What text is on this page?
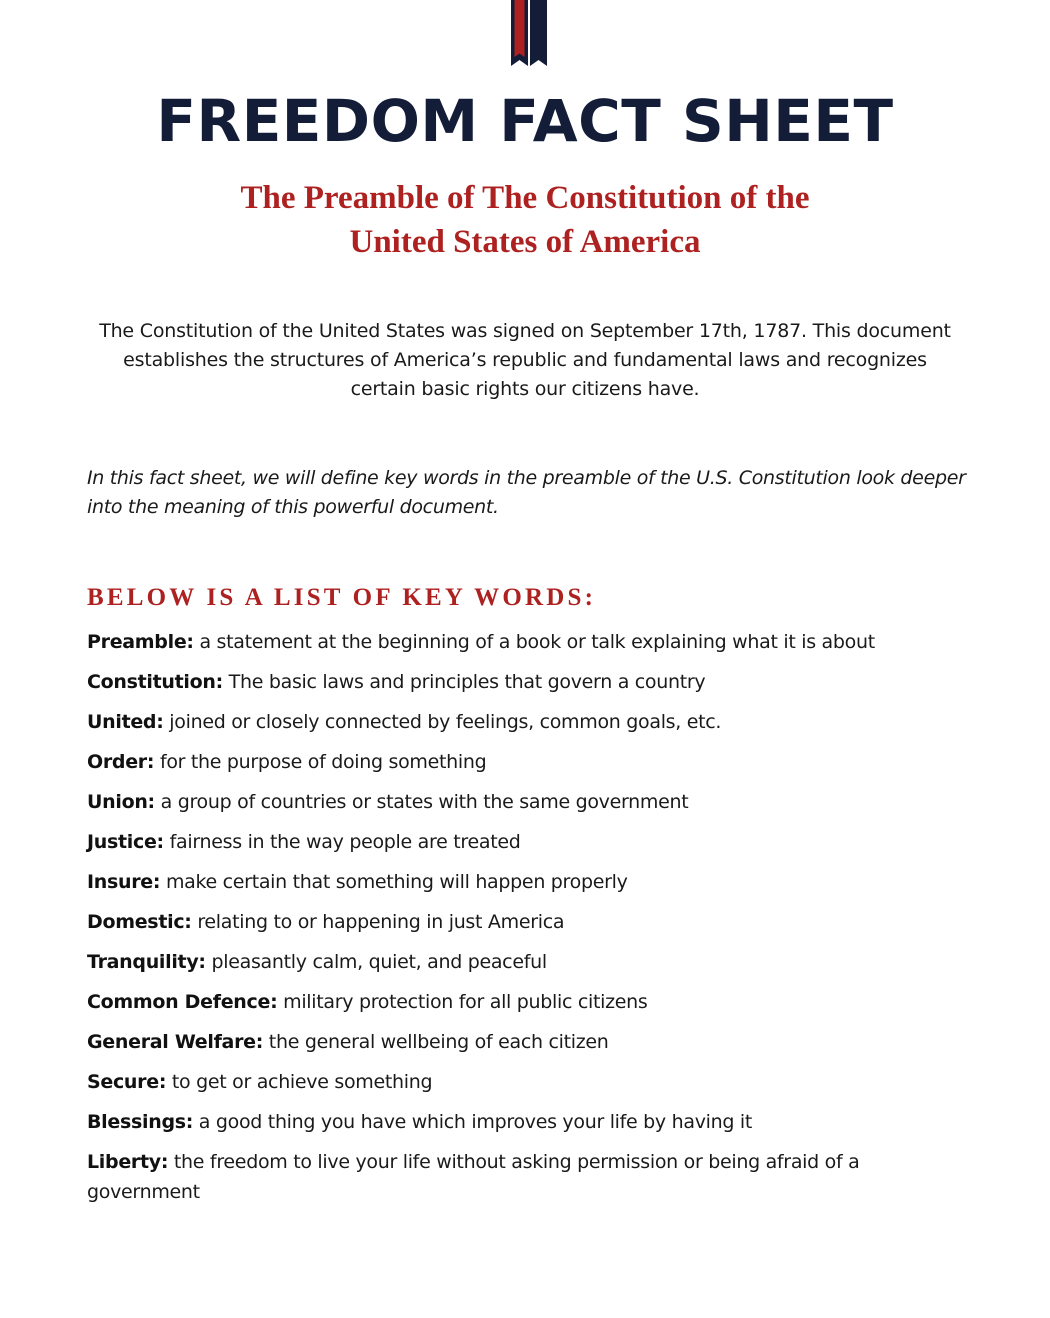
FREEDOM FACT SHEET
The Preamble of The Constitution of the
United States of America

The Constitution of the United States was signed on September 17th, 1787. This document establishes the structures of America’s republic and fundamental laws and recognizes certain basic rights our citizens have.

In this fact sheet, we will define key words in the preamble of the U.S. Constitution look deeper into the meaning of this powerful document.

BELOW IS A LIST OF KEY WORDS:
Preamble: a statement at the beginning of a book or talk explaining what it is about
Constitution: The basic laws and principles that govern a country
United: joined or closely connected by feelings, common goals, etc.
Order: for the purpose of doing something
Union: a group of countries or states with the same government
Justice: fairness in the way people are treated
Insure: make certain that something will happen properly
Domestic: relating to or happening in just America
Tranquility: pleasantly calm, quiet, and peaceful
Common Defence: military protection for all public citizens
General Welfare: the general wellbeing of each citizen
Secure: to get or achieve something
Blessings: a good thing you have which improves your life by having it
Liberty: the freedom to live your life without asking permission or being afraid of a government
